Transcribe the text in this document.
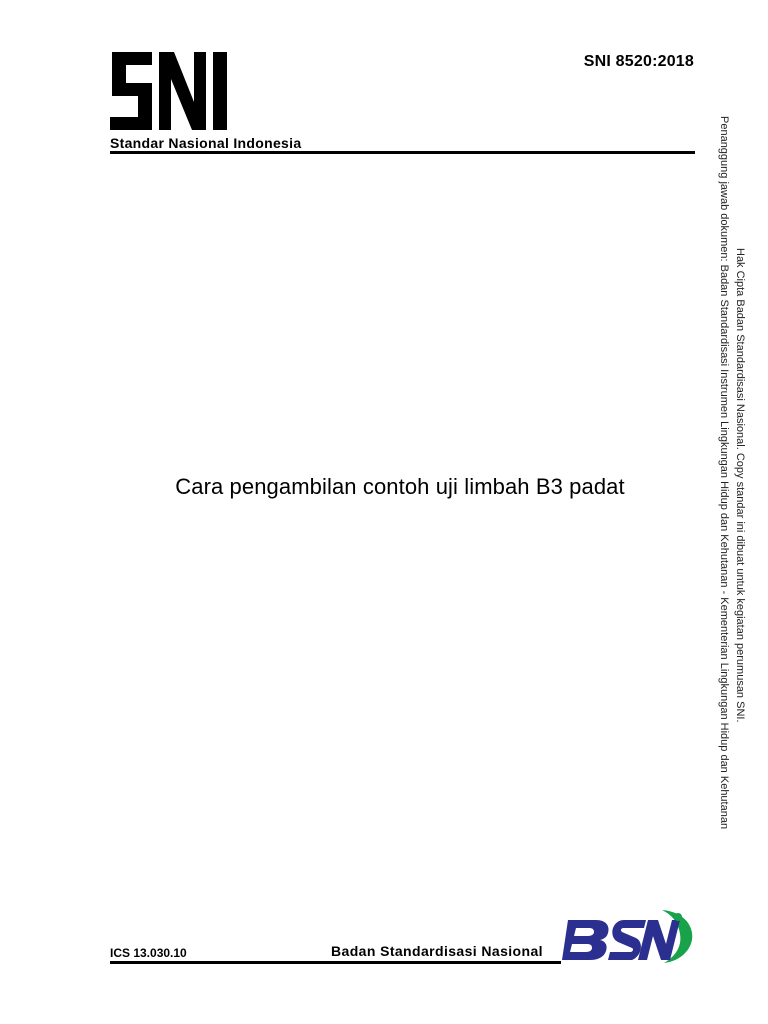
SNI 8520:2018
Standar Nasional Indonesia
Cara pengambilan contoh uji limbah B3 padat	Hak Cipta Badan Standardisasi Nasional. Copy standar ini dibuat untuk kegiatan perumusan SNI.
Penanggung jawab dokumen: Badan Standardisasi Instrumen Lingkungan Hidup dan Kehutanan - Kementerian Lingkungan Hidup dan Kehutanan
ICS 13.030.10	Badan Standardisasi Nasional
